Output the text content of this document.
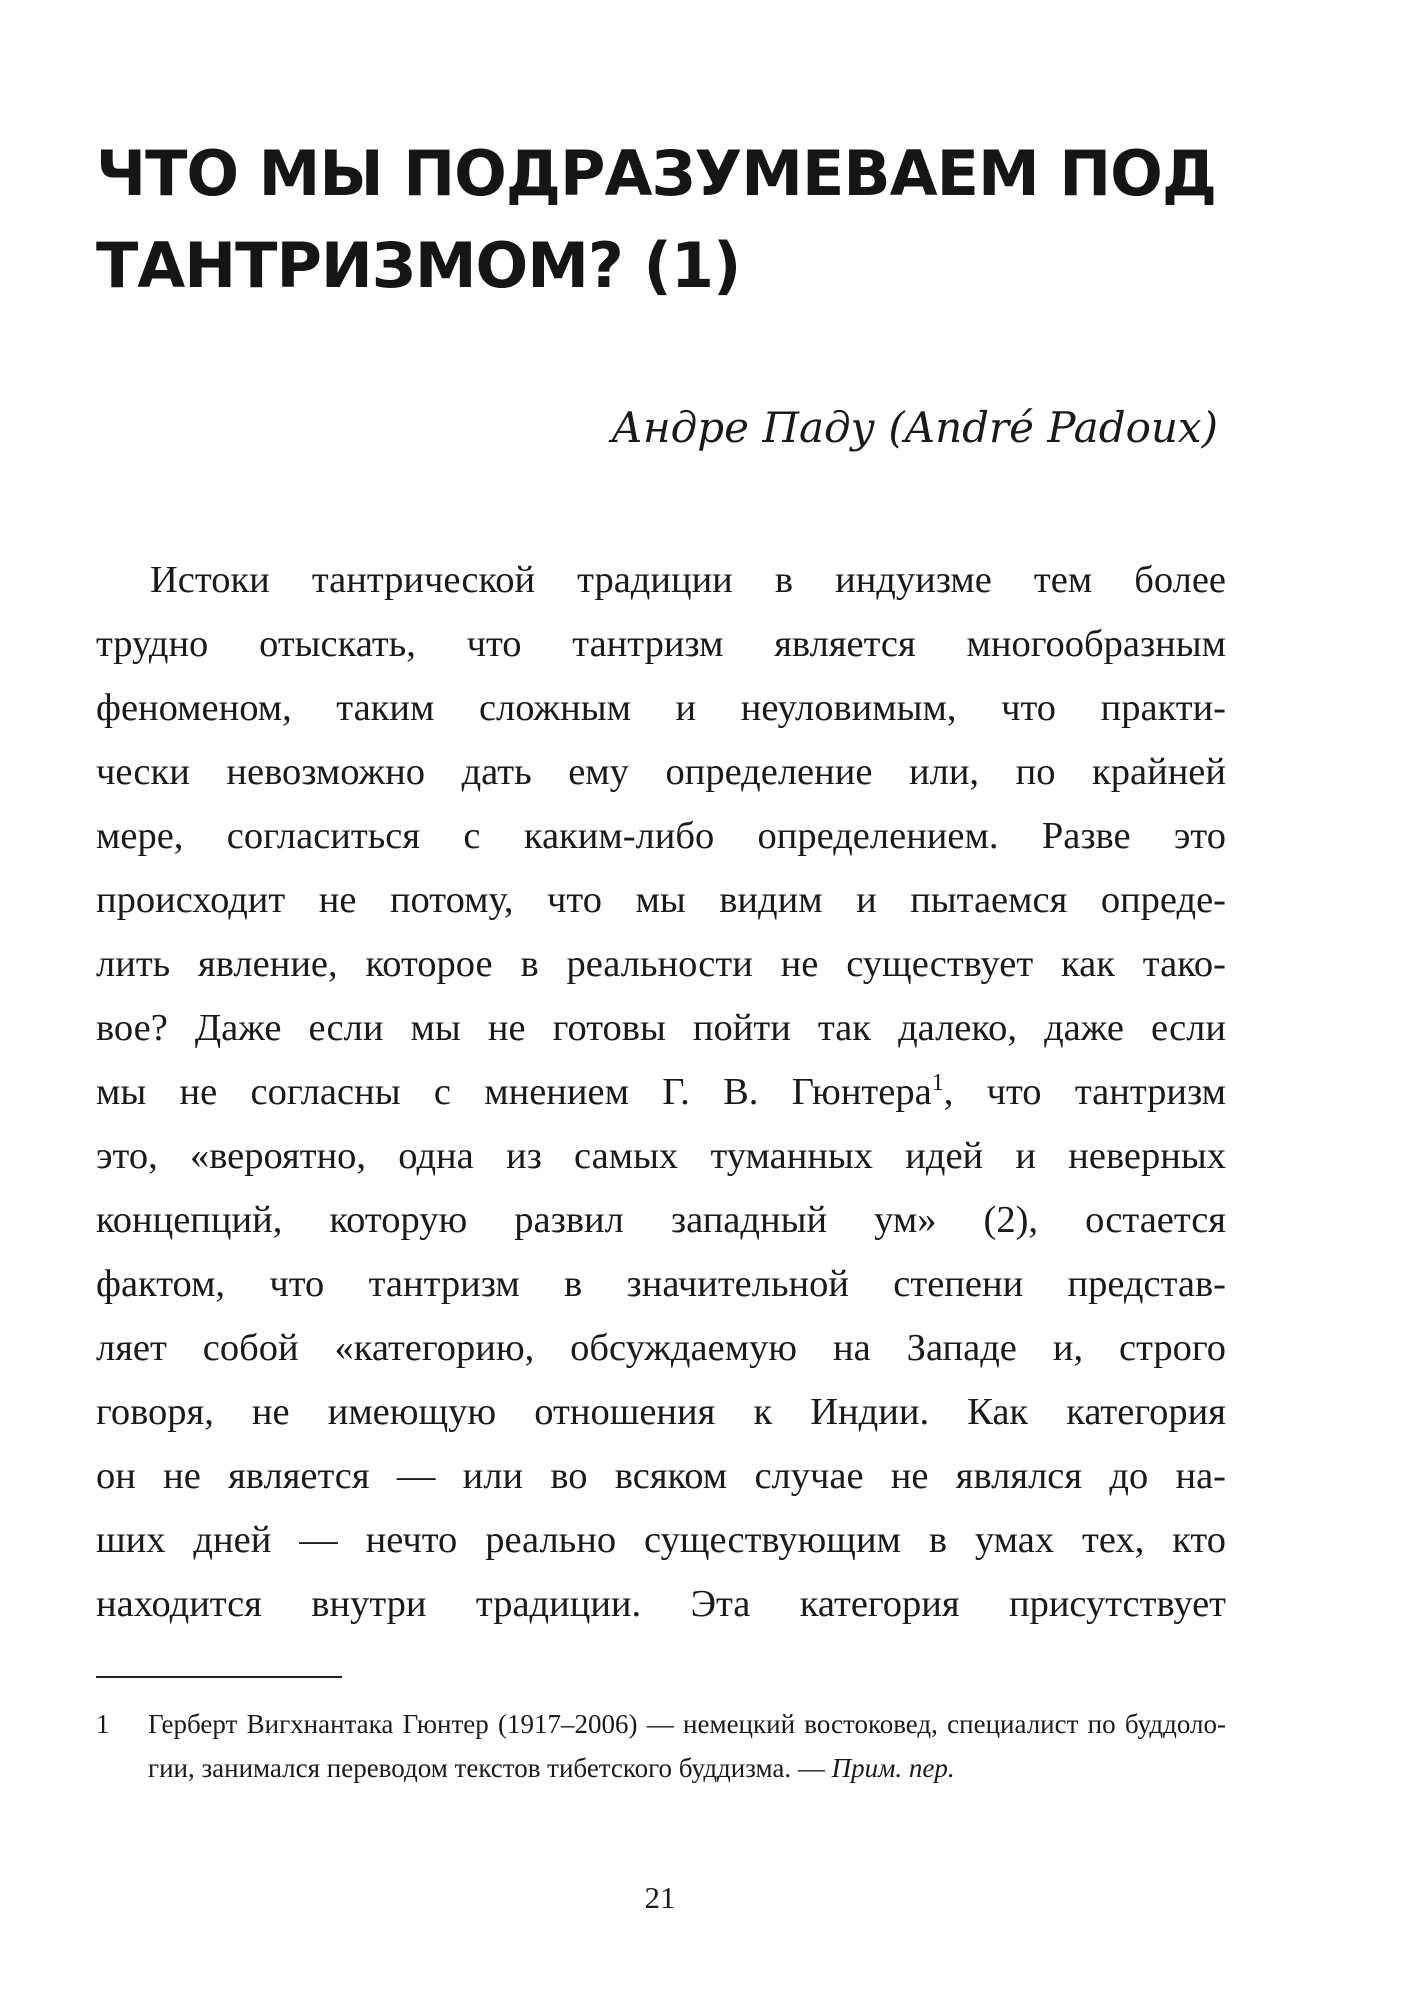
ЧТО МЫ ПОДРАЗУМЕВАЕМ ПОД
ТАНТРИЗМОМ? (1)

Андре Паду (André Padoux)

Истоки тантрической традиции в индуизме тем более
трудно отыскать, что тантризм является многообразным
феноменом, таким сложным и неуловимым, что практи-
чески невозможно дать ему определение или, по крайней
мере, согласиться с каким-либо определением. Разве это
происходит не потому, что мы видим и пытаемся опреде-
лить явление, которое в реальности не существует как тако-
вое? Даже если мы не готовы пойти так далеко, даже если
мы не согласны с мнением Г. В. Гюнтера$^1$, что тантризм
это, «вероятно, одна из самых туманных идей и неверных
концепций, которую развил западный ум» (2), остается
фактом, что тантризм в значительной степени представ-
ляет собой «категорию, обсуждаемую на Западе и, строго
говоря, не имеющую отношения к Индии. Как категория
он не является — или во всяком случае не являлся до на-
ших дней — нечто реально существующим в умах тех, кто
находится внутри традиции. Эта категория присутствует
1	Герберт Вигхнантака Гюнтер (1917–2006) — немецкий востоковед, специалист по буддоло-
гии, занимался переводом текстов тибетского буддизма. — Прим. пер.
21
